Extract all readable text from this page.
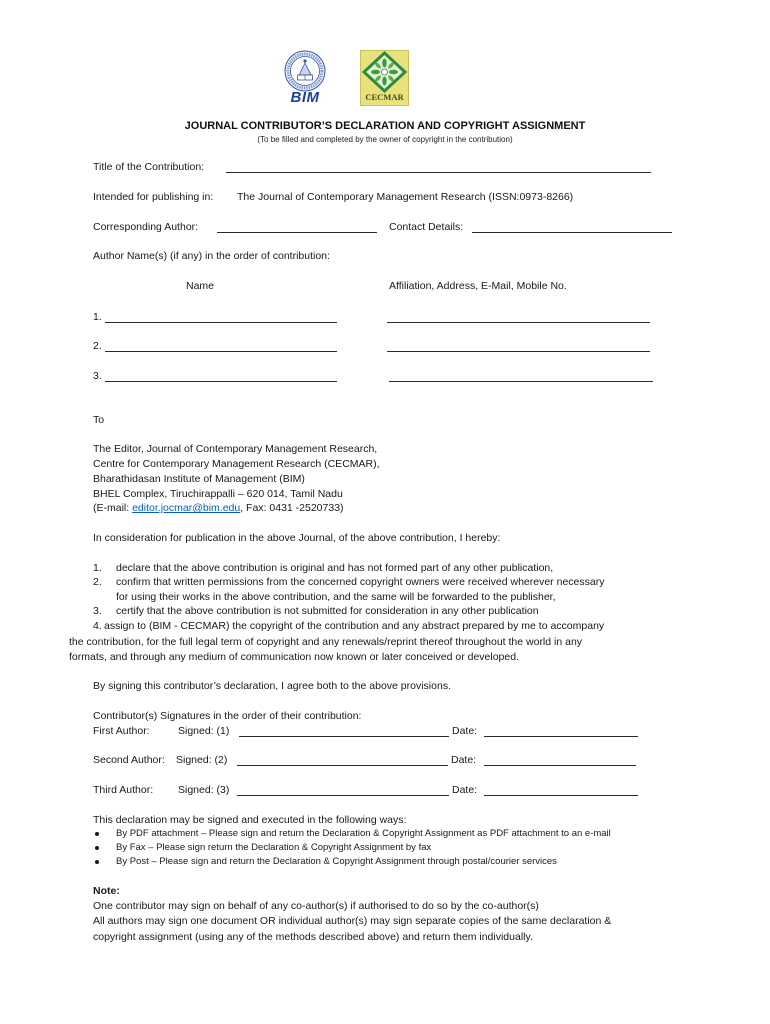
BIM	CECMAR
JOURNAL CONTRIBUTOR’S DECLARATION AND COPYRIGHT ASSIGNMENT
(To be filled and completed by the owner of copyright in the contribution)
Title of the Contribution:
Intended for publishing in: The Journal of Contemporary Management Research (ISSN:0973-8266)
Corresponding Author:	Contact Details:
Author Name(s) (if any) in the order of contribution:
Name	Affiliation, Address, E-Mail, Mobile No.
1.
2.
3.
To
The Editor, Journal of Contemporary Management Research,
Centre for Contemporary Management Research (CECMAR),
Bharathidasan Institute of Management (BIM)
BHEL Complex, Tiruchirappalli – 620 014, Tamil Nadu
(E-mail: editor.jocmar@bim.edu, Fax: 0431 -2520733)
In consideration for publication in the above Journal, of the above contribution, I hereby:
1. declare that the above contribution is original and has not formed part of any other publication,
2. confirm that written permissions from the concerned copyright owners were received wherever necessary
for using their works in the above contribution, and the same will be forwarded to the publisher,
3. certify that the above contribution is not submitted for consideration in any other publication
4. assign to (BIM - CECMAR) the copyright of the contribution and any abstract prepared by me to accompany
the contribution, for the full legal term of copyright and any renewals/reprint thereof throughout the world in any
formats, and through any medium of communication now known or later conceived or developed.
By signing this contributor’s declaration, I agree both to the above provisions.
Contributor(s) Signatures in the order of their contribution:
First Author:	Signed: (1)	Date:
Second Author: Signed: (2)	Date:
Third Author: Signed: (3)	Date:
This declaration may be signed and executed in the following ways:
By PDF attachment – Please sign and return the Declaration & Copyright Assignment as PDF attachment to an e-mail
By Fax – Please sign return the Declaration & Copyright Assignment by fax
By Post – Please sign and return the Declaration & Copyright Assignment through postal/courier services
Note:
One contributor may sign on behalf of any co-author(s) if authorised to do so by the co-author(s)
All authors may sign one document OR individual author(s) may sign separate copies of the same declaration &
copyright assignment (using any of the methods described above) and return them individually.
